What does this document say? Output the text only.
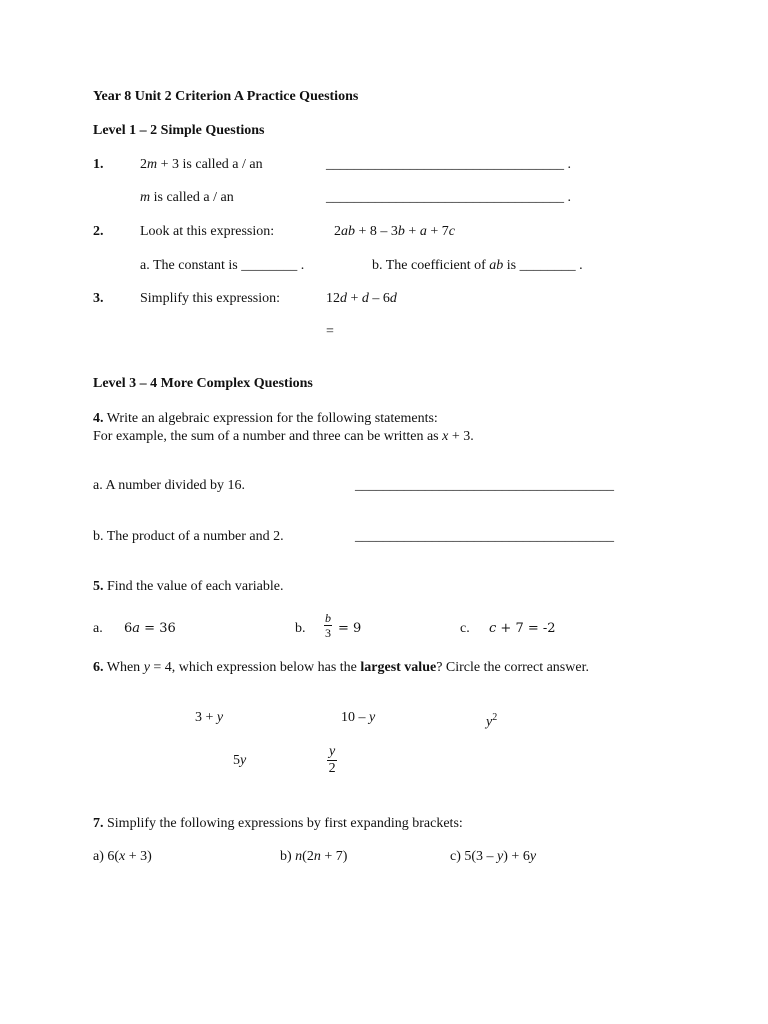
Year 8 Unit 2 Criterion A Practice Questions
Level 1 – 2 Simple Questions
1.	2m + 3 is called a / an	__________________________________ .
m is called a / an	__________________________________ .
2.	Look at this expression:	2ab + 8 – 3b + a + 7c
a. The constant is ________ .	b. The coefficient of ab is ________ .
3.	Simplify this expression:	12d + d – 6d
=
Level 3 – 4 More Complex Questions
4. Write an algebraic expression for the following statements:
For example, the sum of a number and three can be written as x + 3.
a. A number divided by 16.	_____________________________________
b. The product of a number and 2.	_____________________________________
5. Find the value of each variable.
a. 6a = 36	b. $\frac{b}{3} = 9$	c. c + 7 = -2
6. When y = 4, which expression below has the largest value? Circle the correct answer.
3 + y	10 – y	$y^2$
5y	$\frac{y}{2}$
7. Simplify the following expressions by first expanding brackets:
a) 6(x + 3)	b) n(2n + 7)	c) 5(3 – y) + 6y
